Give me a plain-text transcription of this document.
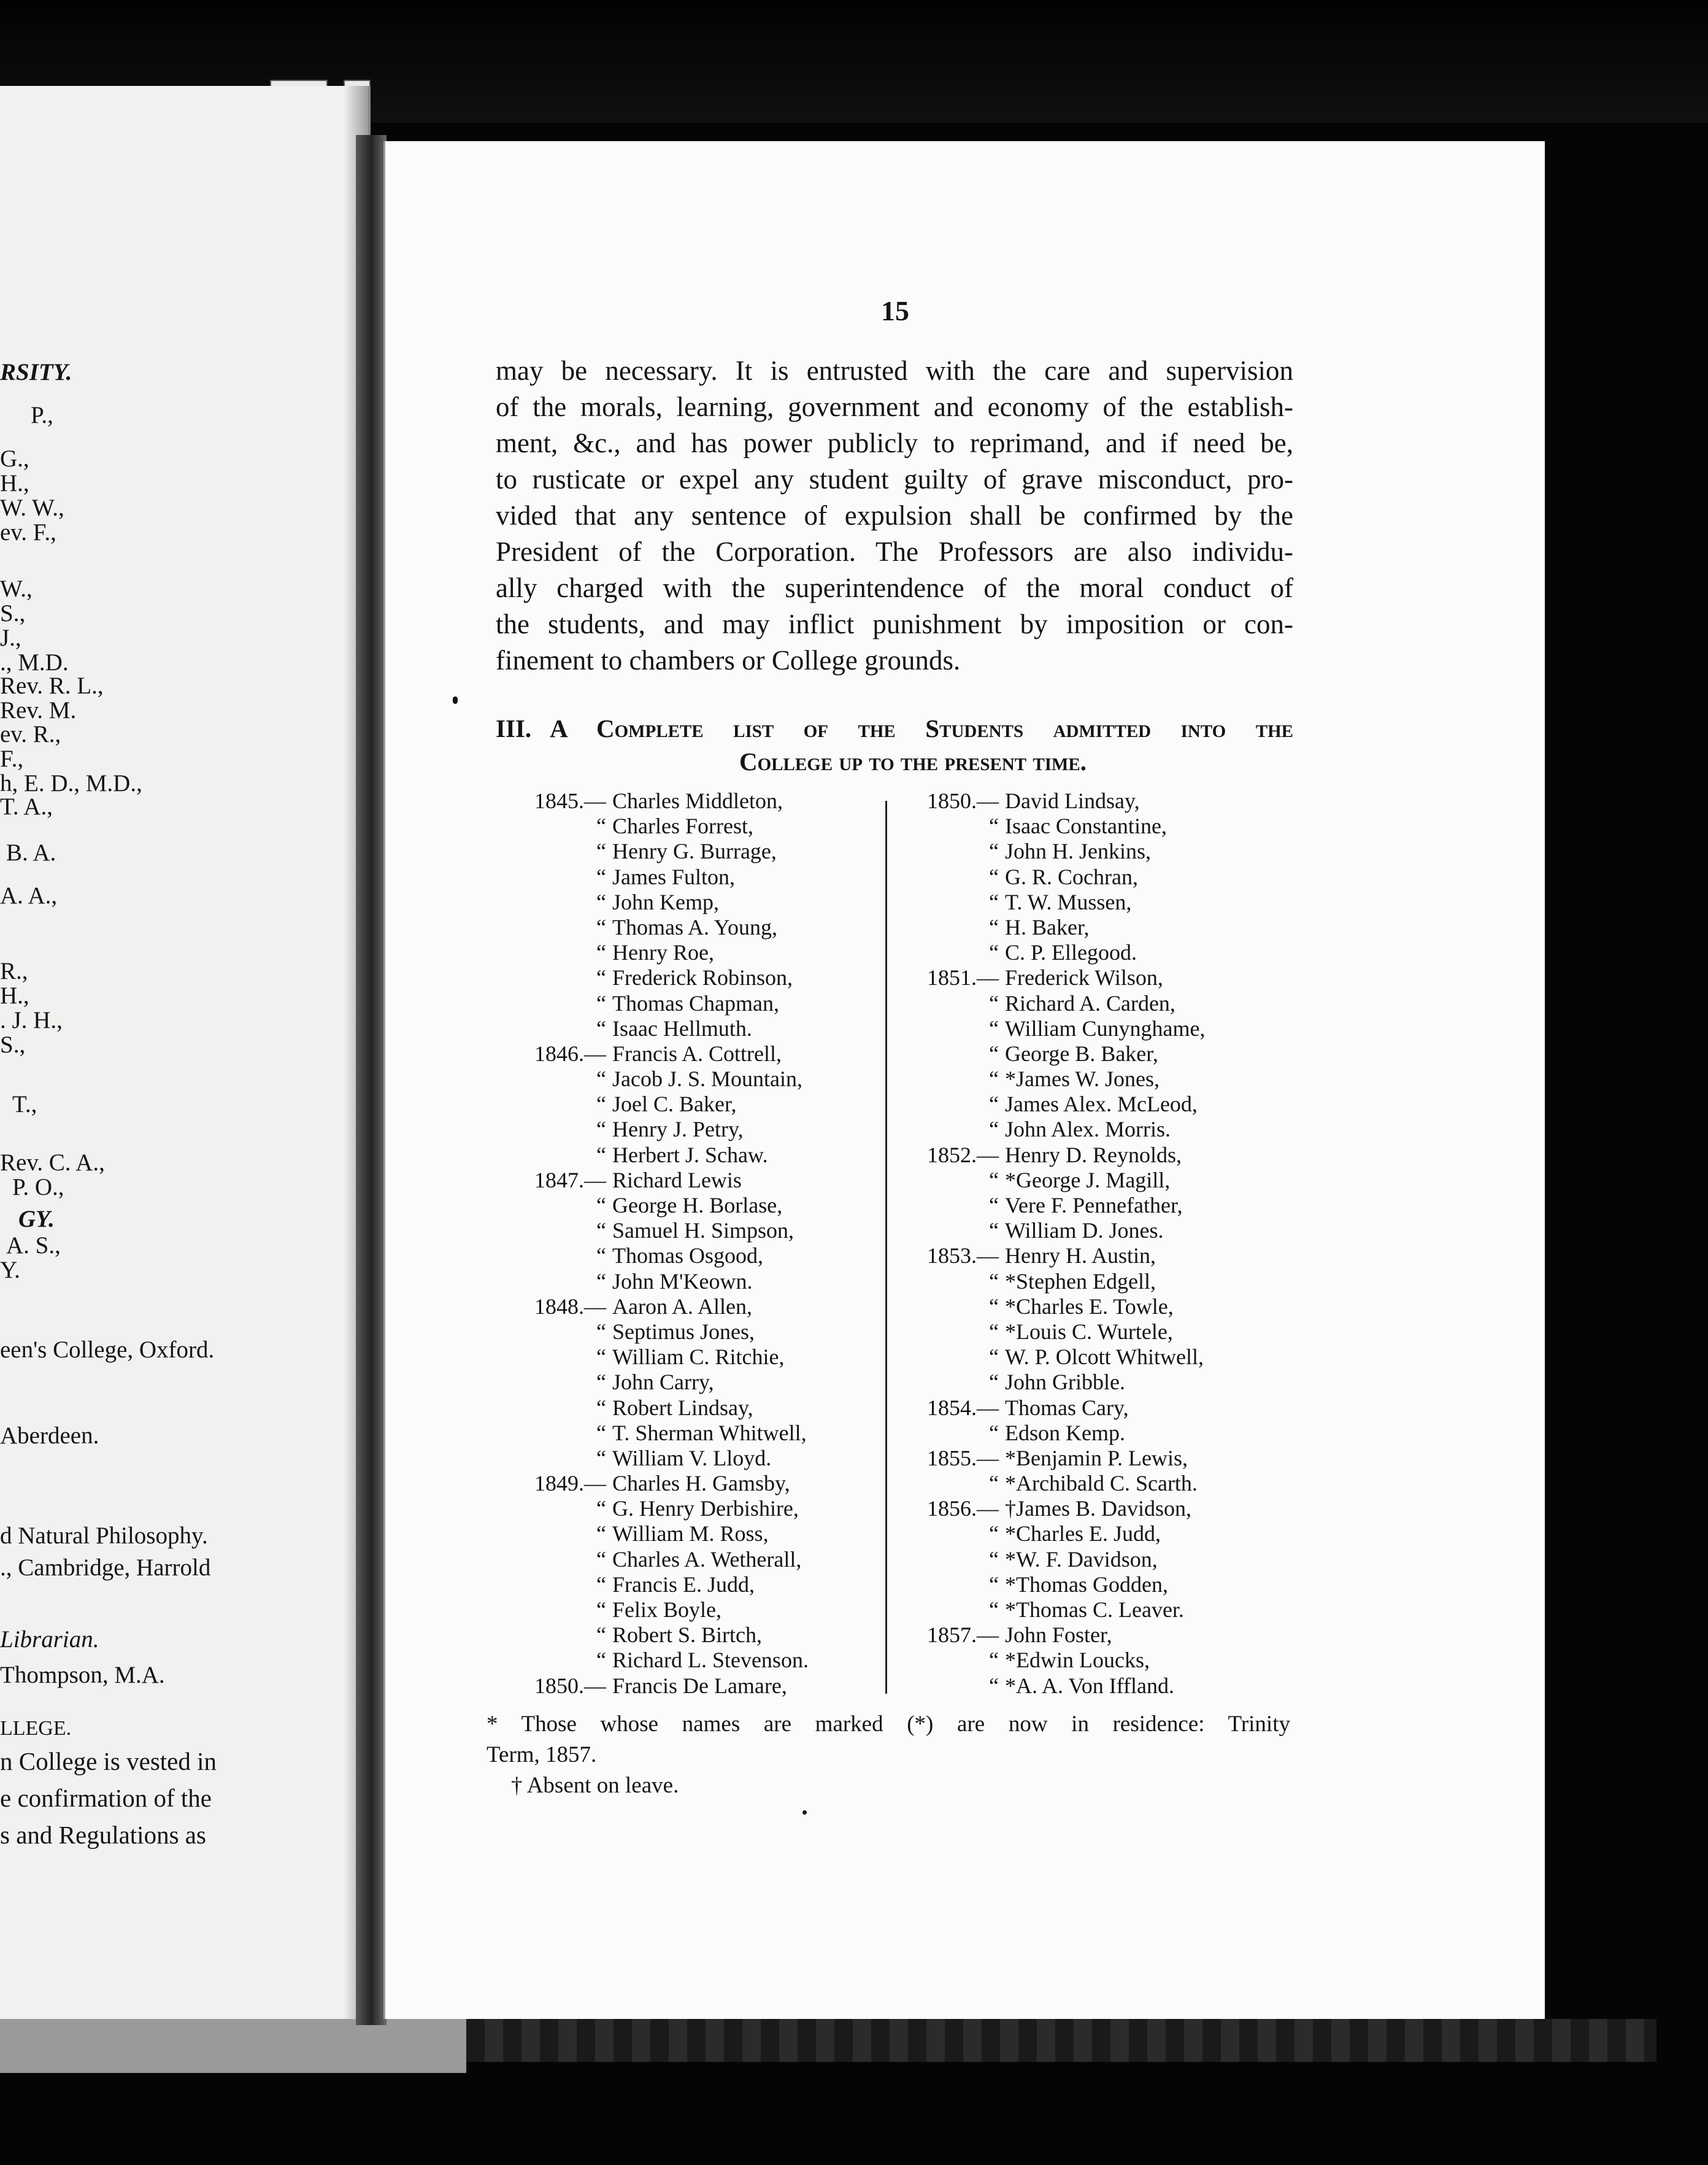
RSITY.
P.,
G.,
H.,
W. W.,
ev. F.,
W.,
S.,
J.,
., M.D.
Rev. R. L.,
Rev. M.
ev. R.,
F.,
h, E. D., M.D.,
T. A.,
B. A.
A. A.,
R.,
H.,
. J. H.,
S.,
T.,
Rev. C. A.,
P. O.,
GY.
A. S.,
Y.
een's College, Oxford.
Aberdeen.
d Natural Philosophy.
., Cambridge, Harrold
Librarian.
Thompson, M.A.
LLEGE.
n College is vested in
e confirmation of the
s and Regulations as
15
may be necessary. It is entrusted with the care and supervision
of the morals, learning, government and economy of the establish-
ment, &c., and has power publicly to reprimand, and if need be,
to rusticate or expel any student guilty of grave misconduct, pro-
vided that any sentence of expulsion shall be confirmed by the
President of the Corporation. The Professors are also individu-
ally charged with the superintendence of the moral conduct of
the students, and may inflict punishment by imposition or con-
finement to chambers or College grounds.
III. A Complete list of the Students admitted into the
College up to the present time.
1845.— Charles Middleton,
“ Charles Forrest,
“ Henry G. Burrage,
“ James Fulton,
“ John Kemp,
“ Thomas A. Young,
“ Henry Roe,
“ Frederick Robinson,
“ Thomas Chapman,
“ Isaac Hellmuth.
1846.— Francis A. Cottrell,
“ Jacob J. S. Mountain,
“ Joel C. Baker,
“ Henry J. Petry,
“ Herbert J. Schaw.
1847.— Richard Lewis
“ George H. Borlase,
“ Samuel H. Simpson,
“ Thomas Osgood,
“ John M'Keown.
1848.— Aaron A. Allen,
“ Septimus Jones,
“ William C. Ritchie,
“ John Carry,
“ Robert Lindsay,
“ T. Sherman Whitwell,
“ William V. Lloyd.
1849.— Charles H. Gamsby,
“ G. Henry Derbishire,
“ William M. Ross,
“ Charles A. Wetherall,
“ Francis E. Judd,
“ Felix Boyle,
“ Robert S. Birtch,
“ Richard L. Stevenson.
1850.— Francis De Lamare,
1850.— David Lindsay,
“ Isaac Constantine,
“ John H. Jenkins,
“ G. R. Cochran,
“ T. W. Mussen,
“ H. Baker,
“ C. P. Ellegood.
1851.— Frederick Wilson,
“ Richard A. Carden,
“ William Cunynghame,
“ George B. Baker,
“ *James W. Jones,
“ James Alex. McLeod,
“ John Alex. Morris.
1852.— Henry D. Reynolds,
“ *George J. Magill,
“ Vere F. Pennefather,
“ William D. Jones.
1853.— Henry H. Austin,
“ *Stephen Edgell,
“ *Charles E. Towle,
“ *Louis C. Wurtele,
“ W. P. Olcott Whitwell,
“ John Gribble.
1854.— Thomas Cary,
“ Edson Kemp.
1855.— *Benjamin P. Lewis,
“ *Archibald C. Scarth.
1856.— †James B. Davidson,
“ *Charles E. Judd,
“ *W. F. Davidson,
“ *Thomas Godden,
“ *Thomas C. Leaver.
1857.— John Foster,
“ *Edwin Loucks,
“ *A. A. Von Iffland.
* Those whose names are marked (*) are now in residence: Trinity
Term, 1857.
† Absent on leave.
